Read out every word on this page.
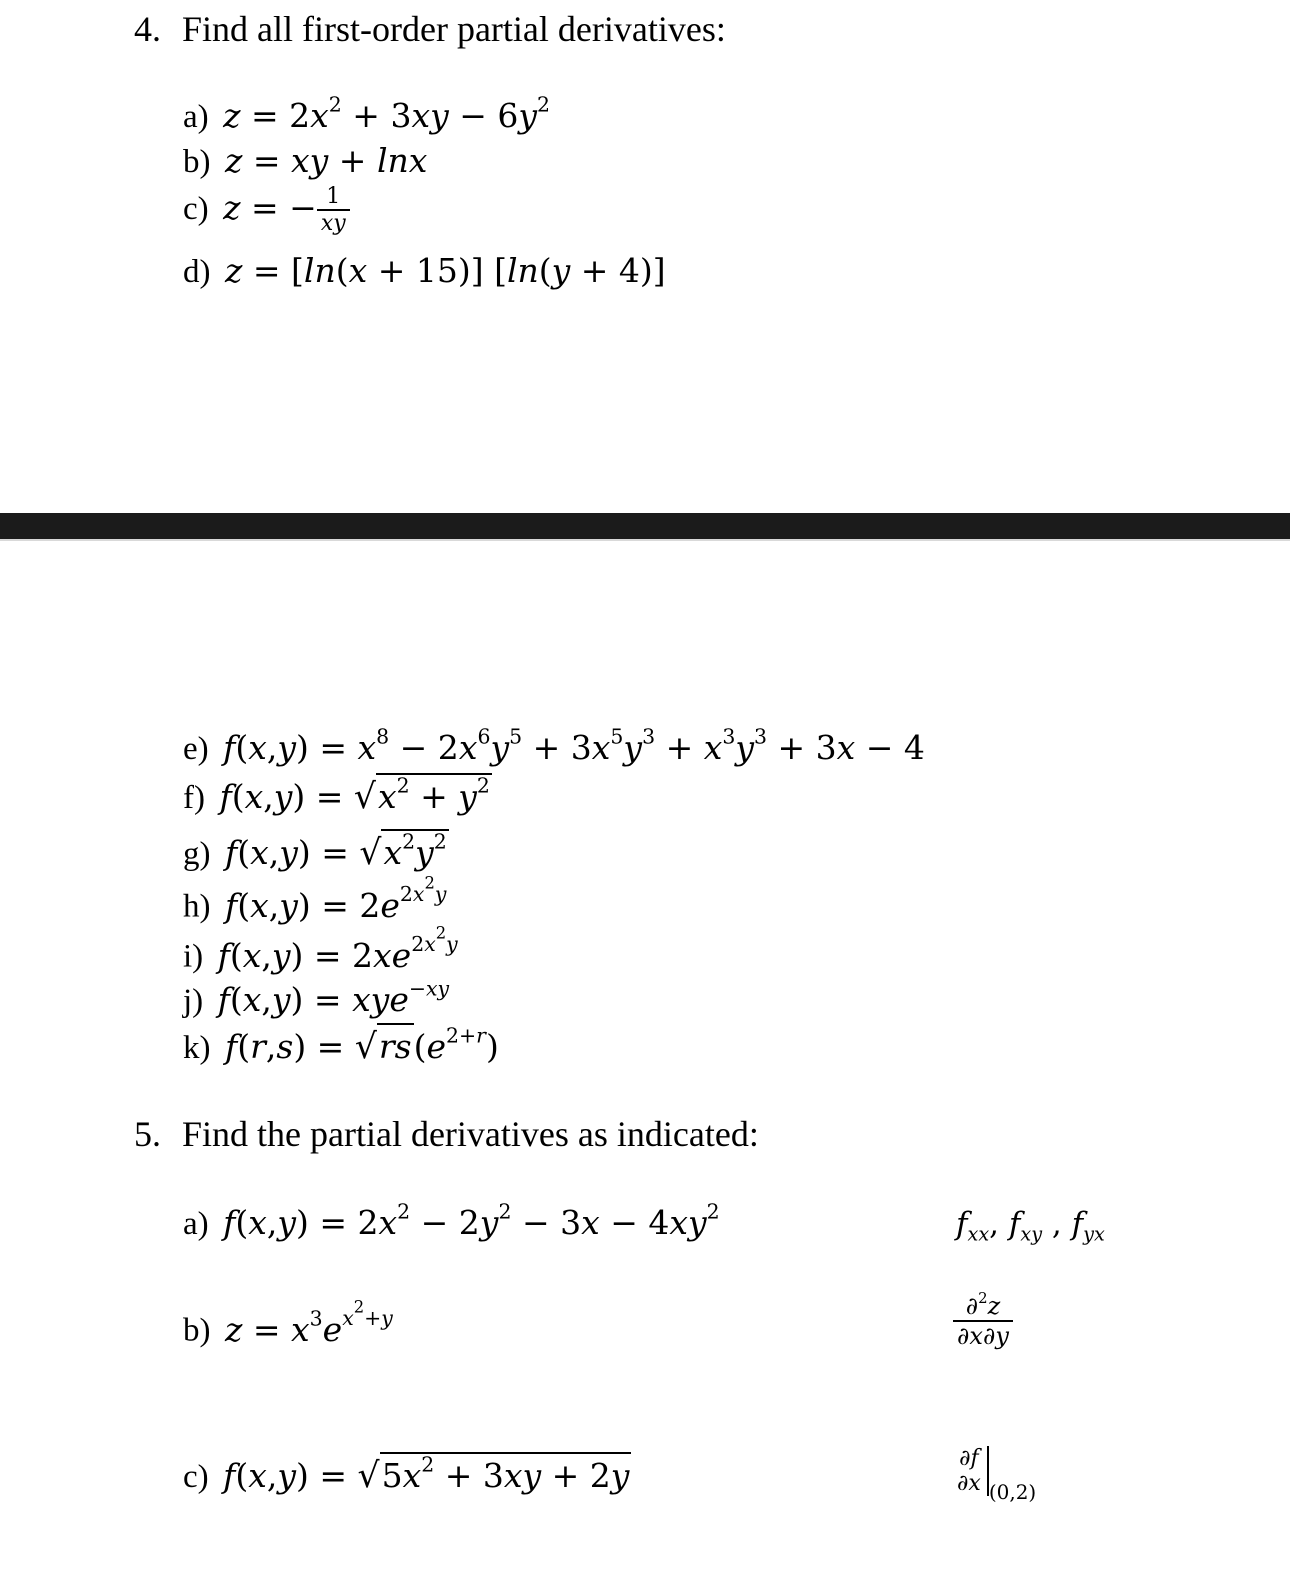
4. Find all first-order partial derivatives:
a) $z = 2x^2 + 3xy - 6y^2$
b) z = xy + lnx
c) z = − $\frac{1}{xy}$
d) z = [ln(x + 15)] [ln(y + 4)]
e) $f(x,y) = x^8 - 2x^6y^5 + 3x^5y^3 + x^3y^3 + 3x - 4$
f) $f(x,y) = √x^2 + y^2$
g) $f(x,y) = √x^2y^2$
h) $f(x,y) = 2e^{2x^2y}$
i) $f(x,y) = 2xe^{2x^2y}$
j) f(x,y) = xye$^{-xy}$
k) $f(r,s) = √rs(e^{2+r})$
5. Find the partial derivatives as indicated:
a) $f(x,y) = 2x^2 - 2y^2 - 3x - 4xy^2$	$f_{xx}$, $f_{xy}$ , $f_{yx}$
b) $z = x^3e^{x^2+y}$	$\frac{\partial^2z}{\partial x\partial y}$
c) $f(x,y) = √5x^2 + 3xy + 2y$	∂f
∂x (0,2)
